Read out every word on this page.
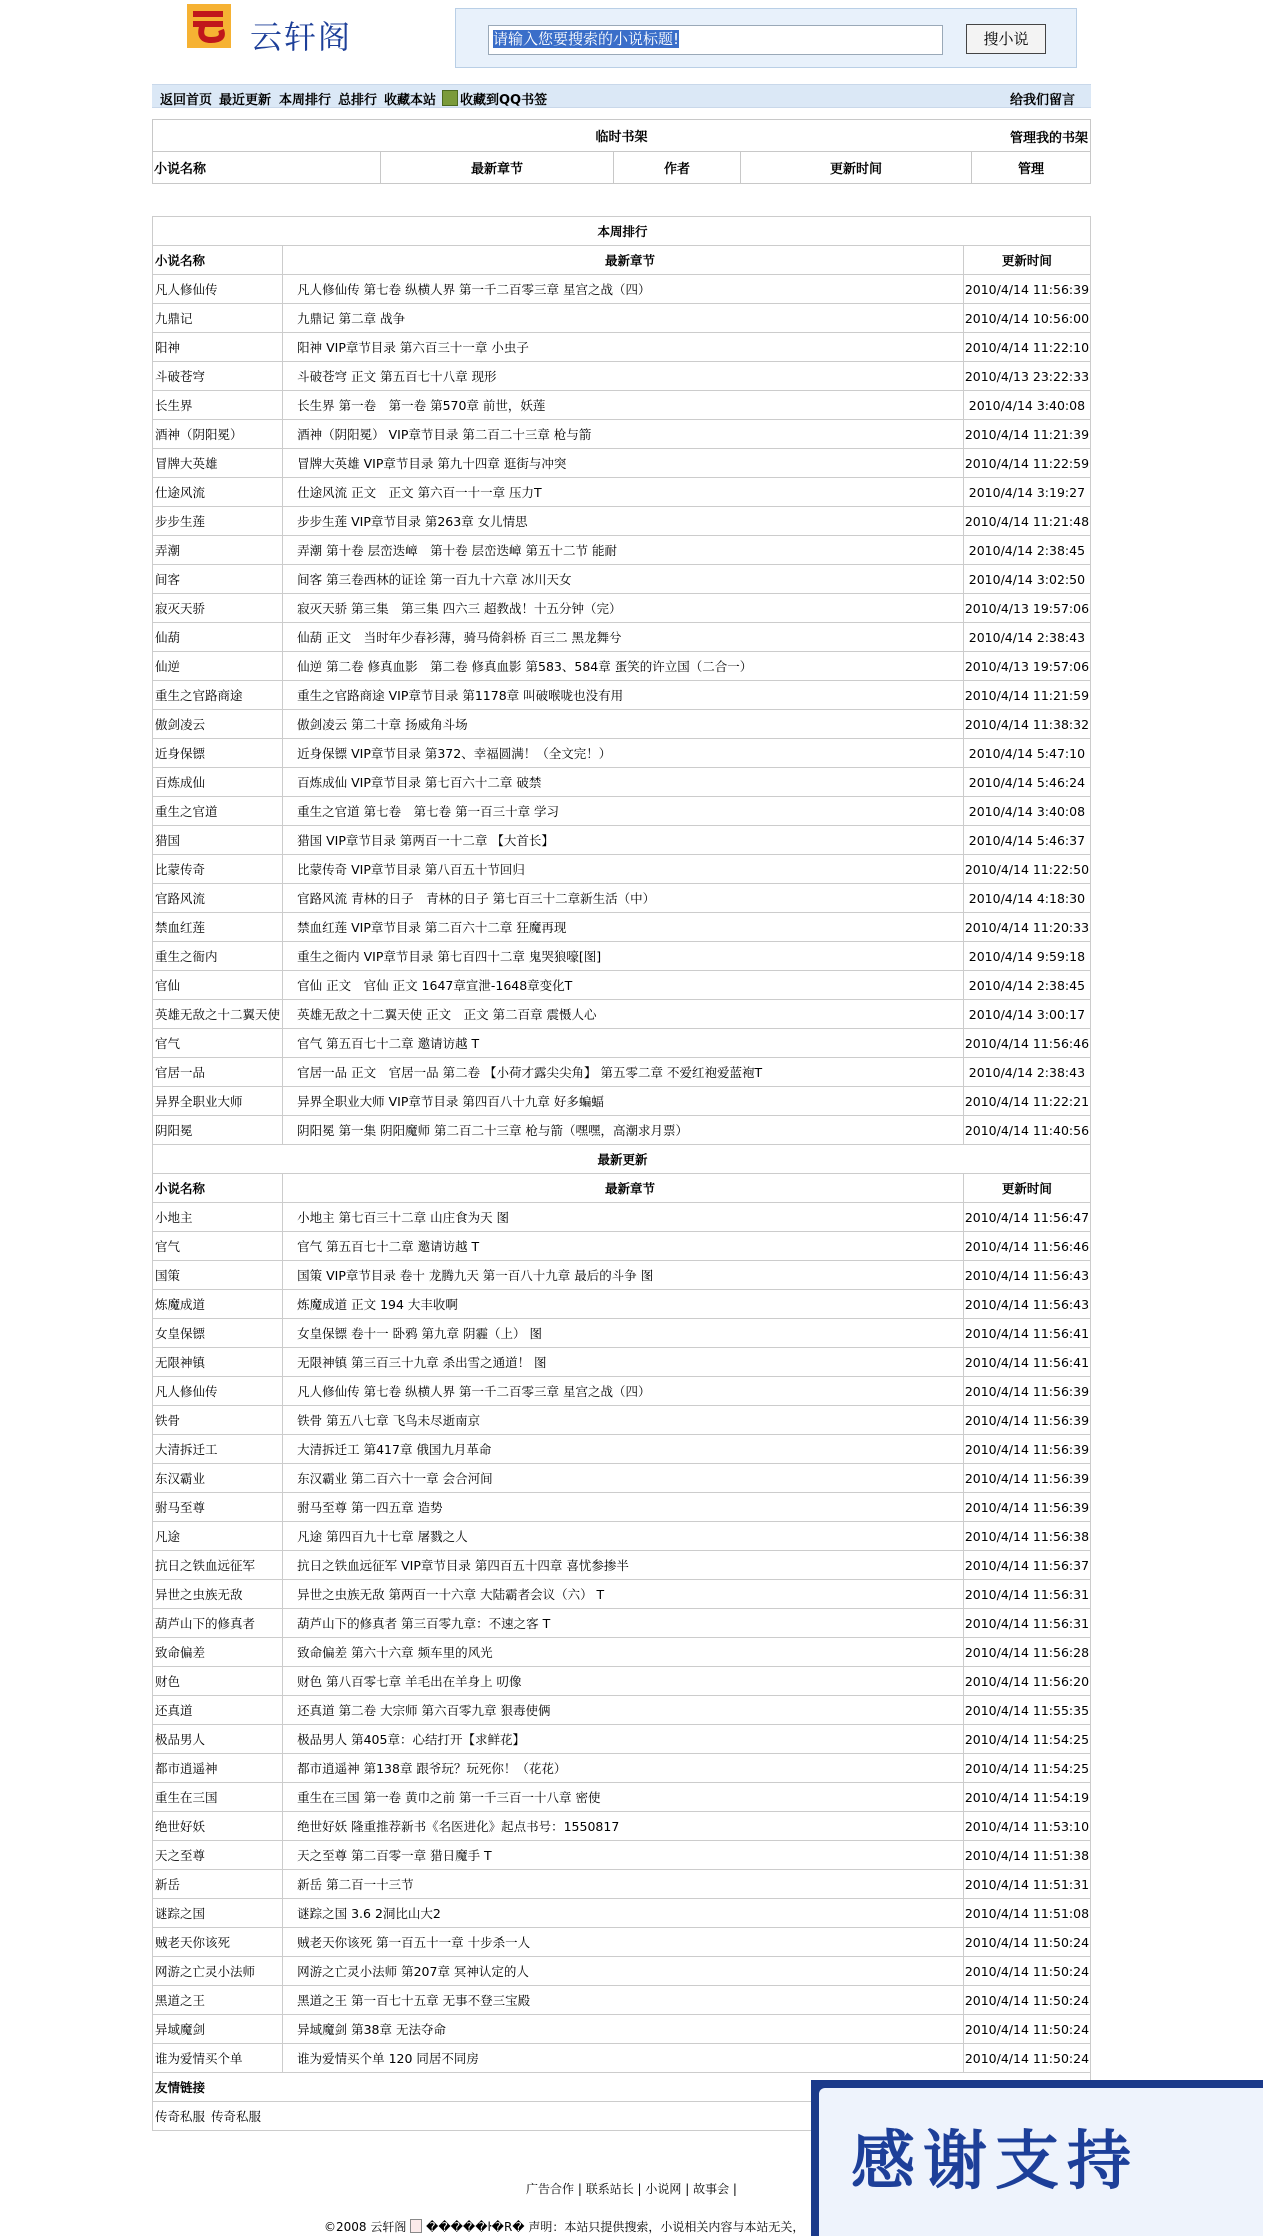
云轩阁	请输入您要搜索的小说标题!	搜小说
返回首页 最近更新 本周排行 总排行 收藏本站	收藏到QQ书签	给我们留言
临时书架	管理我的书架

小说名称	最新章节	作者	更新时间	管理
本周排行		
小说名称	最新章节	更新时间
凡人修仙传	凡人修仙传 第七卷 纵横人界 第一千二百零三章 星宫之战（四）	2010/4/14 11:56:39
九鼎记	九鼎记 第二章 战争	2010/4/14 10:56:00
阳神	阳神 VIP章节目录 第六百三十一章 小虫子	2010/4/14 11:22:10
斗破苍穹	斗破苍穹 正文 第五百七十八章 现形	2010/4/13 23:22:33
长生界	长生界 第一卷　第一卷 第570章 前世，妖莲	2010/4/14 3:40:08
酒神（阴阳冕）	酒神（阴阳冕） VIP章节目录 第二百二十三章 枪与箭	2010/4/14 11:21:39
冒牌大英雄	冒牌大英雄 VIP章节目录 第九十四章 逛街与冲突	2010/4/14 11:22:59
仕途风流	仕途风流 正文　正文 第六百一十一章 压力T	2010/4/14 3:19:27
步步生莲	步步生莲 VIP章节目录 第263章 女儿情思	2010/4/14 11:21:48
弄潮	弄潮 第十卷 层峦迭嶂　第十卷 层峦迭嶂 第五十二节 能耐	2010/4/14 2:38:45
间客	间客 第三卷西林的证诠 第一百九十六章 冰川天女	2010/4/14 3:02:50
寂灭天骄	寂灭天骄 第三集　第三集 四六三 超教战！十五分钟（完）	2010/4/13 19:57:06
仙葫	仙葫 正文　当时年少春衫薄，骑马倚斜桥 百三二 黑龙舞兮	2010/4/14 2:38:43
仙逆	仙逆 第二卷 修真血影　第二卷 修真血影 第583、584章 蛋笑的许立国（二合一）	2010/4/13 19:57:06
重生之官路商途	重生之官路商途 VIP章节目录 第1178章 叫破喉咙也没有用	2010/4/14 11:21:59
傲剑凌云	傲剑凌云 第二十章 扬威角斗场	2010/4/14 11:38:32
近身保镖	近身保镖 VIP章节目录 第372、幸福圆满！（全文完！）	2010/4/14 5:47:10
百炼成仙	百炼成仙 VIP章节目录 第七百六十二章 破禁	2010/4/14 5:46:24
重生之官道	重生之官道 第七卷　第七卷 第一百三十章 学习	2010/4/14 3:40:08
猎国	猎国 VIP章节目录 第两百一十二章 【大首长】	2010/4/14 5:46:37
比蒙传奇	比蒙传奇 VIP章节目录 第八百五十节回归	2010/4/14 11:22:50
官路风流	官路风流 青林的日子　青林的日子 第七百三十二章新生活（中）	2010/4/14 4:18:30
禁血红莲	禁血红莲 VIP章节目录 第二百六十二章 狂魔再现	2010/4/14 11:20:33
重生之衙内	重生之衙内 VIP章节目录 第七百四十二章 鬼哭狼嚎[图]	2010/4/14 9:59:18
官仙	官仙 正文　官仙 正文 1647章宣泄-1648章变化T	2010/4/14 2:38:45
英雄无敌之十二翼天使	英雄无敌之十二翼天使 正文　正文 第二百章 震慑人心	2010/4/14 3:00:17
官气	官气 第五百七十二章 邀请访越 T	2010/4/14 11:56:46
官居一品	官居一品 正文　官居一品 第二卷 【小荷才露尖尖角】 第五零二章 不爱红袍爱蓝袍T	2010/4/14 2:38:43
异界全职业大师	异界全职业大师 VIP章节目录 第四百八十九章 好多蝙蝠	2010/4/14 11:22:21
阴阳冕	阴阳冕 第一集 阴阳魔师 第二百二十三章 枪与箭（嘿嘿，高潮求月票）	2010/4/14 11:40:56
最新更新		
小说名称	最新章节	更新时间
小地主	小地主 第七百三十二章 山庄食为天 图	2010/4/14 11:56:47
官气	官气 第五百七十二章 邀请访越 T	2010/4/14 11:56:46
国策	国策 VIP章节目录 卷十 龙腾九天 第一百八十九章 最后的斗争 图	2010/4/14 11:56:43
炼魔成道	炼魔成道 正文 194 大丰收啊	2010/4/14 11:56:43
女皇保镖	女皇保镖 卷十一 卧鸦 第九章 阴霾（上） 图	2010/4/14 11:56:41
无限神镇	无限神镇 第三百三十九章 杀出雪之通道！ 图	2010/4/14 11:56:41
凡人修仙传	凡人修仙传 第七卷 纵横人界 第一千二百零三章 星宫之战（四）	2010/4/14 11:56:39
铁骨	铁骨 第五八七章 飞鸟未尽逝南京	2010/4/14 11:56:39
大清拆迁工	大清拆迁工 第417章 俄国九月革命	2010/4/14 11:56:39
东汉霸业	东汉霸业 第二百六十一章 会合河间	2010/4/14 11:56:39
驸马至尊	驸马至尊 第一四五章 造势	2010/4/14 11:56:39
凡途	凡途 第四百九十七章 屠戮之人	2010/4/14 11:56:38
抗日之铁血远征军	抗日之铁血远征军 VIP章节目录 第四百五十四章 喜忧参掺半	2010/4/14 11:56:37
异世之虫族无敌	异世之虫族无敌 第两百一十六章 大陆霸者会议（六） T	2010/4/14 11:56:31
葫芦山下的修真者	葫芦山下的修真者 第三百零九章：不速之客 T	2010/4/14 11:56:31
致命偏差	致命偏差 第六十六章 频车里的风光	2010/4/14 11:56:28
财色	财色 第八百零七章 羊毛出在羊身上 叨像	2010/4/14 11:56:20
还真道	还真道 第二卷 大宗师 第六百零九章 狠毒使俩	2010/4/14 11:55:35
极品男人	极品男人 第405章：心结打开【求鲜花】	2010/4/14 11:54:25
都市逍遥神	都市逍遥神 第138章 跟爷玩？玩死你！（花花）	2010/4/14 11:54:25
重生在三国	重生在三国 第一卷 黄巾之前 第一千三百一十八章 密使	2010/4/14 11:54:19
绝世好妖	绝世好妖 隆重推荐新书《名医进化》起点书号：1550817	2010/4/14 11:53:10
天之至尊	天之至尊 第二百零一章 猎日魔手 T	2010/4/14 11:51:38
新岳	新岳 第二百一十三节	2010/4/14 11:51:31
谜踪之国	谜踪之国 3.6 2洞比山大2	2010/4/14 11:51:08
贼老天你该死	贼老天你该死 第一百五十一章 十步杀一人	2010/4/14 11:50:24
网游之亡灵小法师	网游之亡灵小法师 第207章 冥神认定的人	2010/4/14 11:50:24
黑道之王	黑道之王 第一百七十五章 无事不登三宝殿	2010/4/14 11:50:24
异域魔剑	异域魔剑 第38章 无法夺命	2010/4/14 11:50:24
谁为爱情买个单	谁为爱情买个单 120 同居不同房	2010/4/14 11:50:24
友情链接		
传奇私服 传奇私服		
广告合作 | 联系站长 | 小说网 | 故事会 |
©2008 云轩阁 �����ŀ�R� 声明：本站只提供搜索，小说相关内容与本站无关，
感谢支持
